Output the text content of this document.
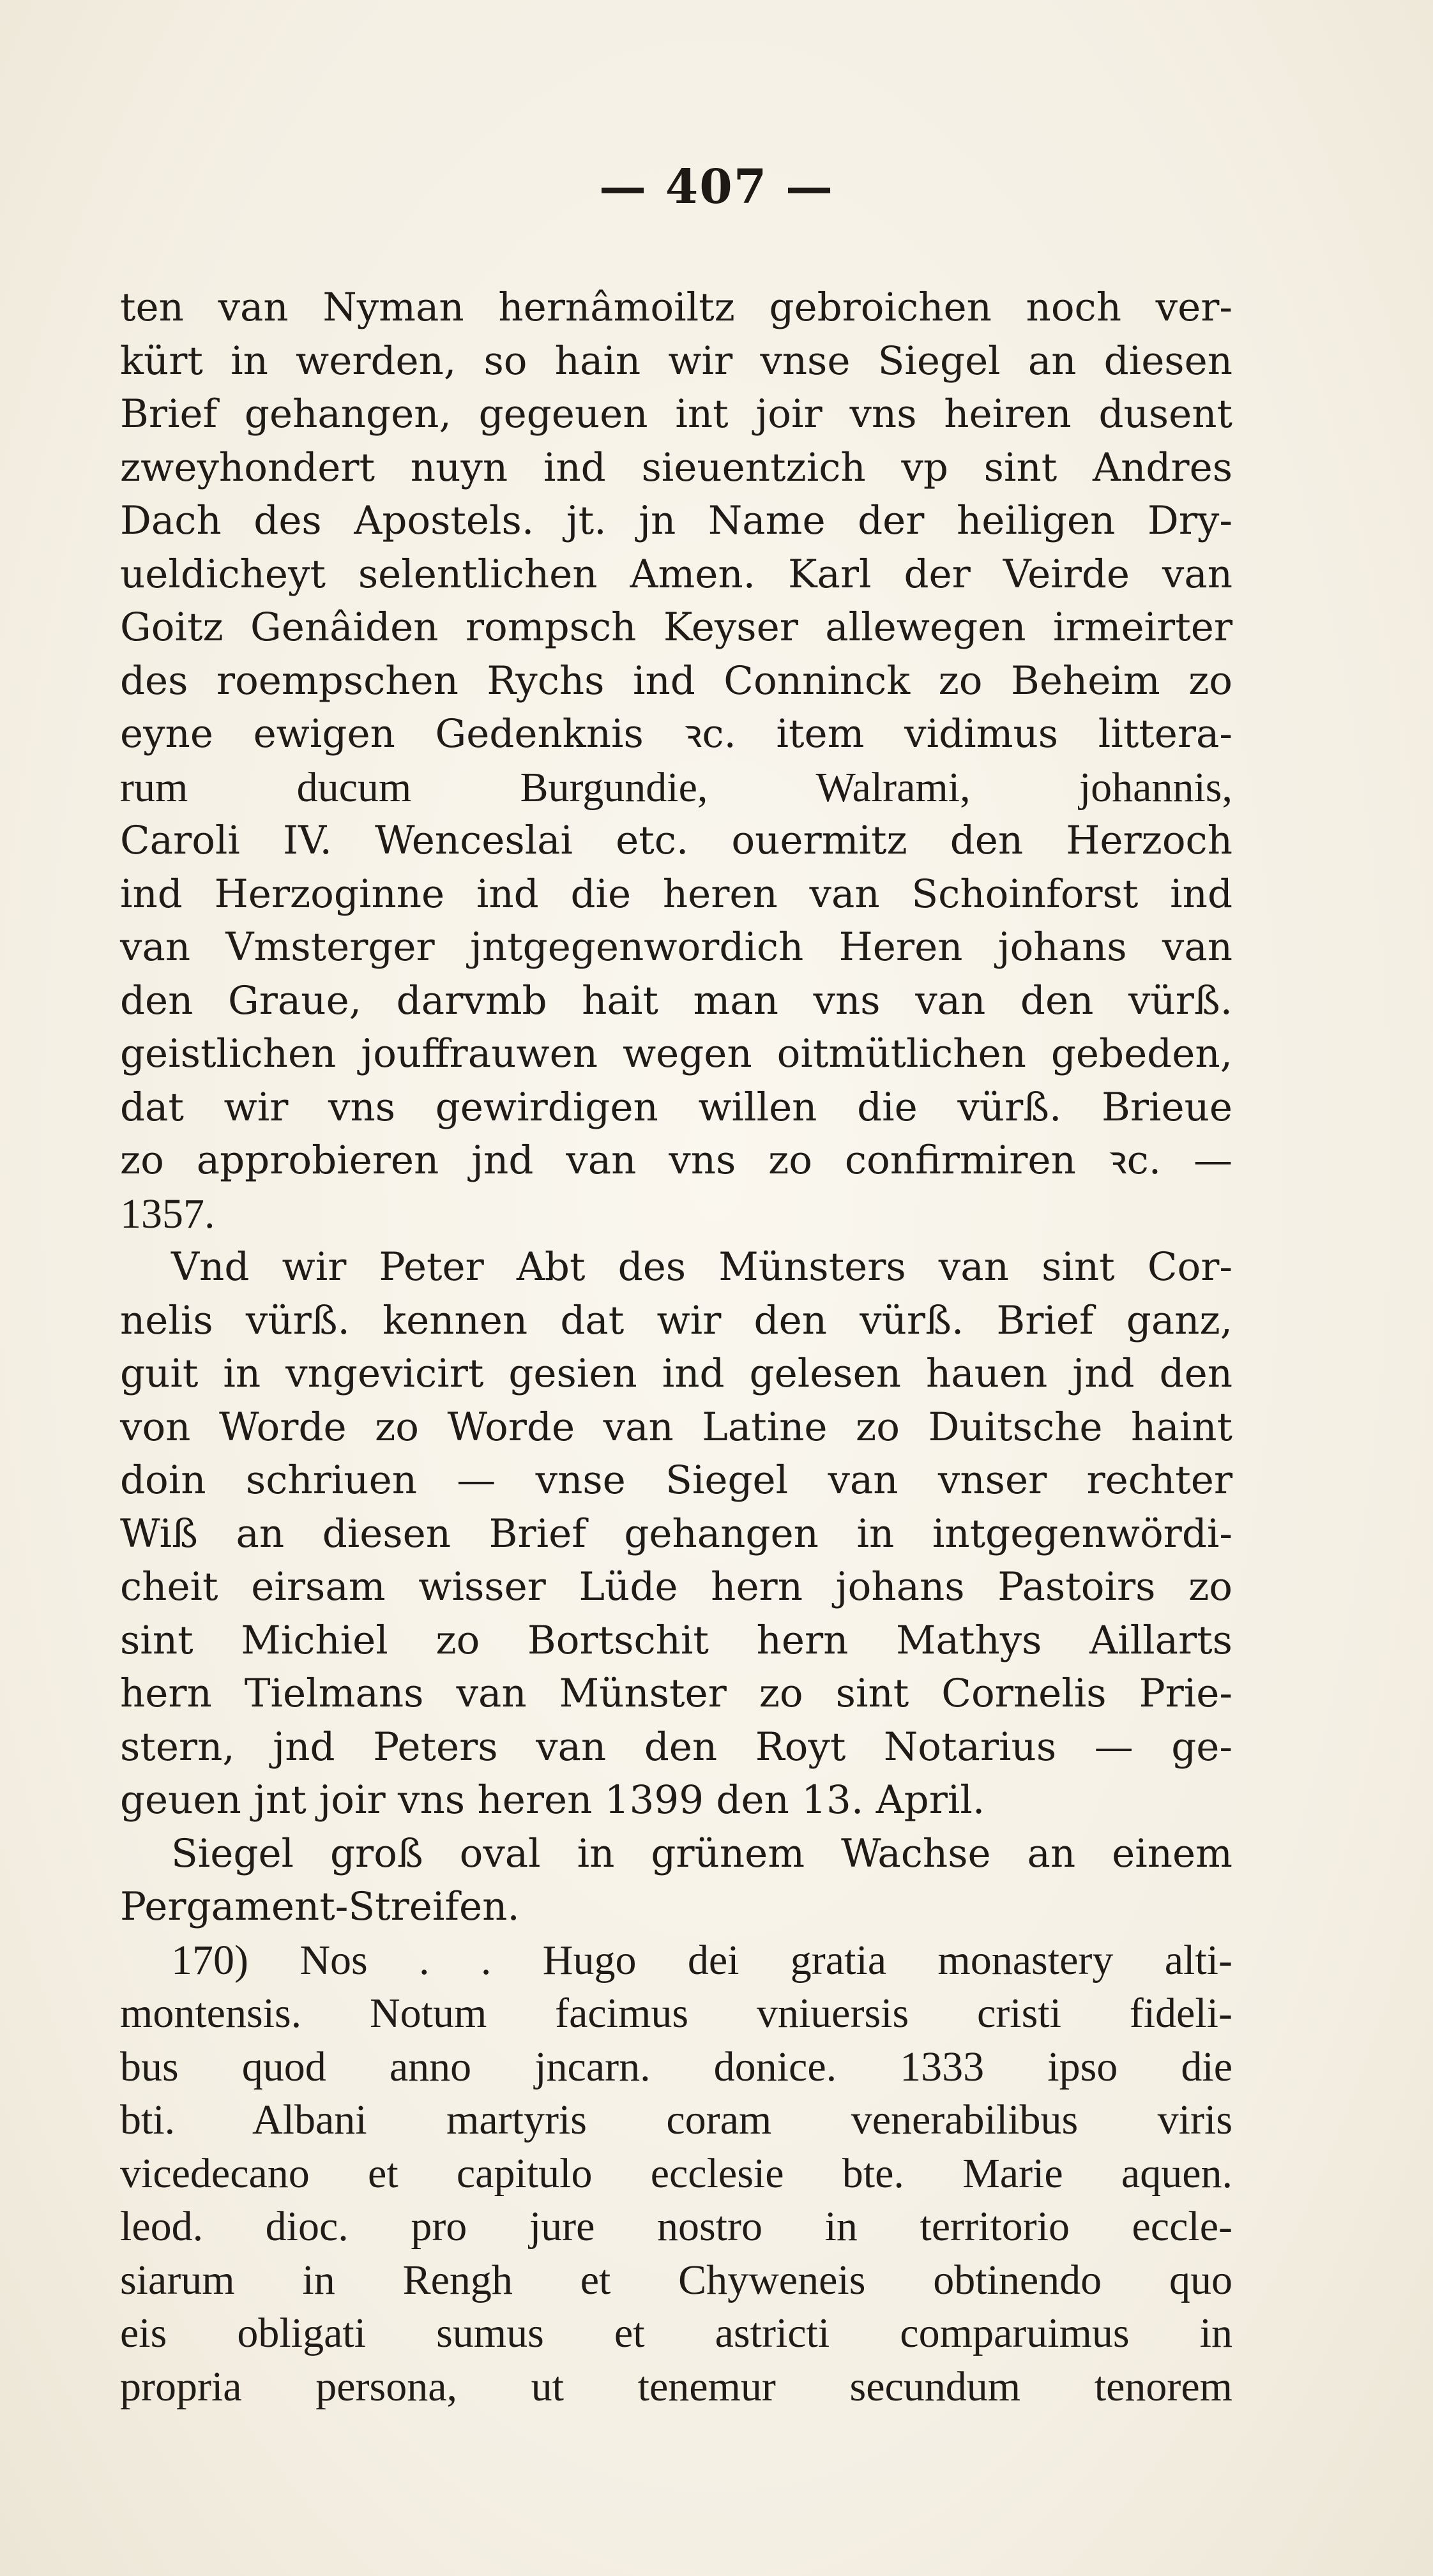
— 407 —
ten van Nyman hernâmoiltz gebroichen noch ver-
kürt in werden, so hain wir vnse Siegel an diesen
Brief gehangen, gegeuen int joir vns heiren dusent
zweyhondert nuyn ind sieuentzich vp sint Andres
Dach des Apostels. jt. jn Name der heiligen Dry-
ueldicheyt selentlichen Amen. Karl der Veirde van
Goitz Genâiden rompsch Keyser allewegen irmeirter
des roempschen Rychs ind Conninck zo Beheim zo
eyne ewigen Gedenknis ꝛc. item vidimus littera-
rum ducum Burgundie, Walrami, johannis,
Caroli IV. Wenceslai etc. ouermitz den Herzoch
ind Herzoginne ind die heren van Schoinforst ind
van Vmsterger jntgegenwordich Heren johans van
den Graue, darvmb hait man vns van den vürß.
geistlichen jouffrauwen wegen oitmütlichen gebeden,
dat wir vns gewirdigen willen die vürß. Brieue
zo approbieren jnd van vns zo confirmiren ꝛc. —
1357.
Vnd wir Peter Abt des Münsters van sint Cor-
nelis vürß. kennen dat wir den vürß. Brief ganz,
guit in vngevicirt gesien ind gelesen hauen jnd den
von Worde zo Worde van Latine zo Duitsche haint
doin schriuen — vnse Siegel van vnser rechter
Wiß an diesen Brief gehangen in intgegenwördi-
cheit eirsam wisser Lüde hern johans Pastoirs zo
sint Michiel zo Bortschit hern Mathys Aillarts
hern Tielmans van Münster zo sint Cornelis Prie-
stern, jnd Peters van den Royt Notarius — ge-
geuen jnt joir vns heren 1399 den 13. April.
Siegel groß oval in grünem Wachse an einem
Pergament-Streifen.
170) Nos . . Hugo dei gratia monastery alti-
montensis. Notum facimus vniuersis cristi fideli-
bus quod anno jncarn. donice. 1333 ipso die
bti. Albani martyris coram venerabilibus viris
vicedecano et capitulo ecclesie bte. Marie aquen.
leod. dioc. pro jure nostro in territorio eccle-
siarum in Rengh et Chyweneis obtinendo quo
eis obligati sumus et astricti comparuimus in
propria persona, ut tenemur secundum tenorem
